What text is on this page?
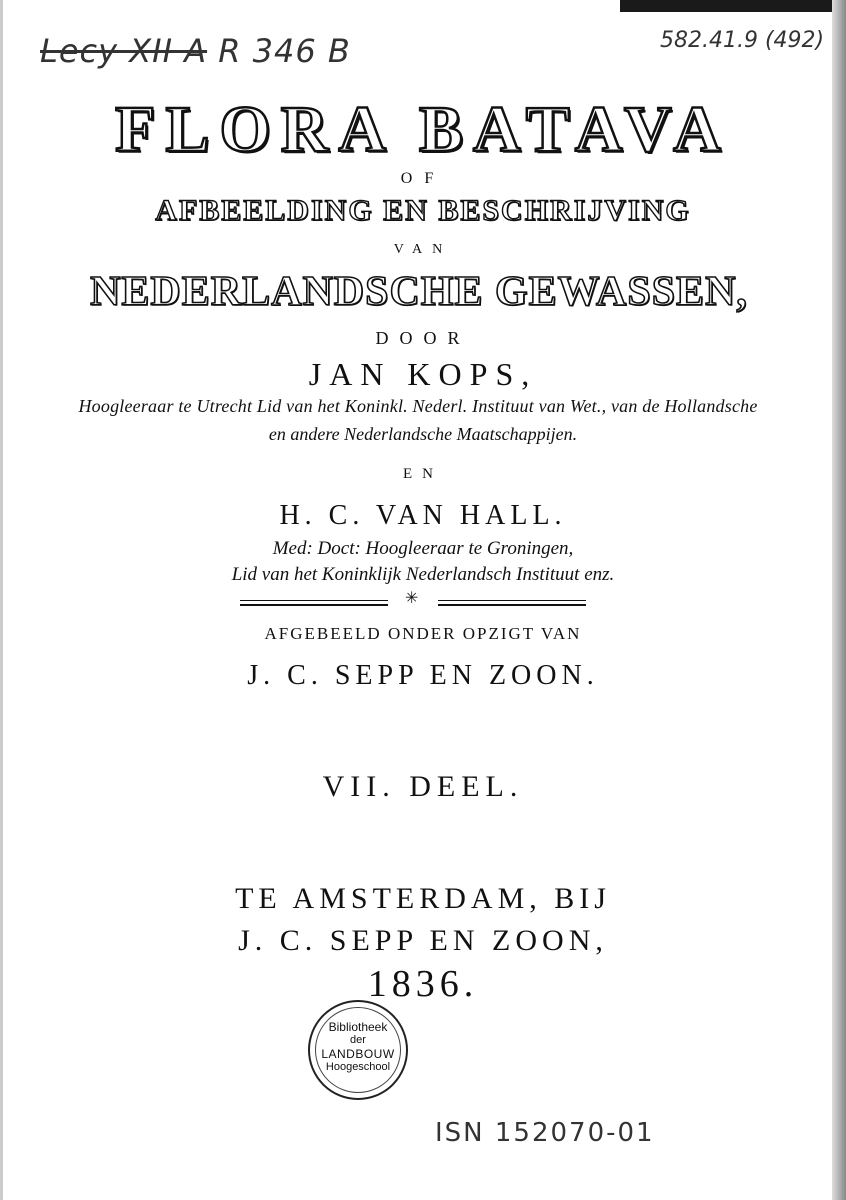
Lecy XII A R 346 B	582.41.9 (492)
FLORA BATAVA
OF
AFBEELDING EN BESCHRIJVING
VAN
NEDERLANDSCHE GEWASSEN,
DOOR
JAN KOPS,
Hoogleeraar te Utrecht Lid van het Koninkl. Nederl. Instituut van Wet., van de Hollandsche
en andere Nederlandsche Maatschappijen.
EN
H. C. VAN HALL.
Med: Doct: Hoogleeraar te Groningen,
Lid van het Koninklijk Nederlandsch Instituut enz.
✳
AFGEBEELD ONDER OPZIGT VAN
J. C. SEPP EN ZOON.
VII. DEEL.
TE AMSTERDAM, BIJ
J. C. SEPP EN ZOON,
1836.
Bibliotheek
der
LANDBOUW
Hoogeschool
ISN 152070-01
